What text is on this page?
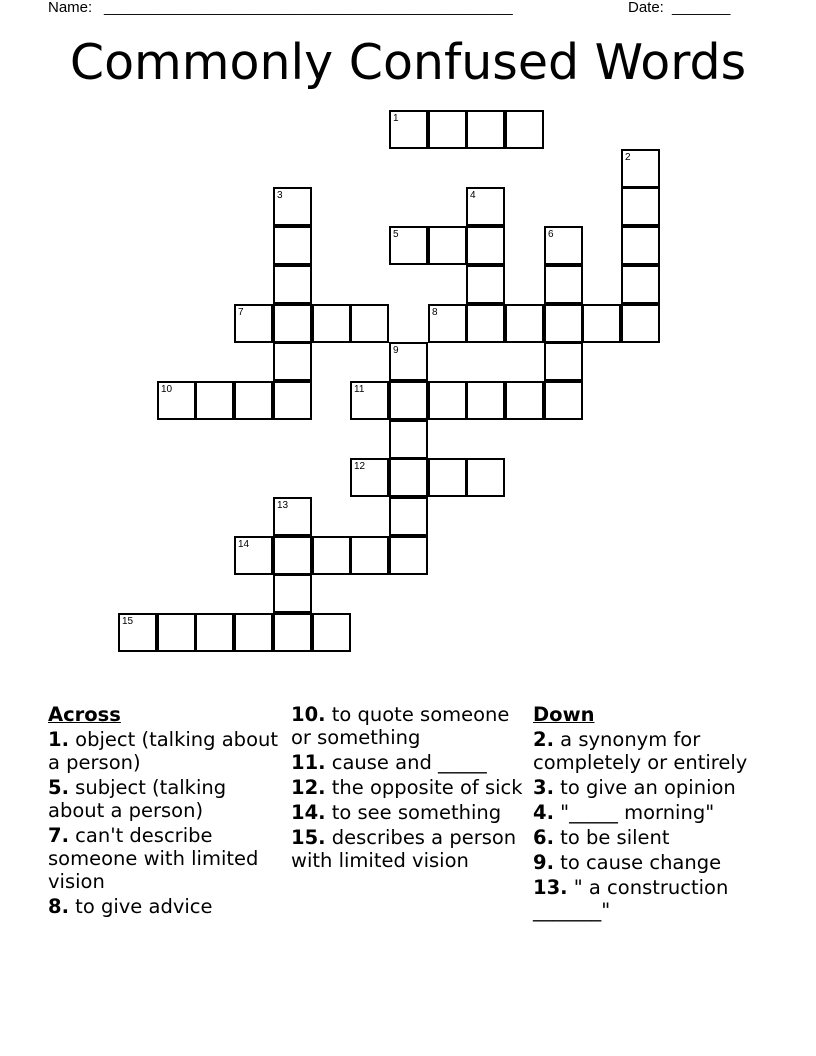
Name: _________________________________________________	Date: _______
Commonly Confused Words
1
2
3	4
5	6
7	8
9
10	11
12
13
14
15
Across
1. object (talking about a person)
5. subject (talking about a person)
7. can't describe someone with limited vision
8. to give advice
10. to quote someone or something
11. cause and _____
12. the opposite of sick
14. to see something
15. describes a person with limited vision
Down
2. a synonym for completely or entirely
3. to give an opinion
4. "_____ morning"
6. to be silent
9. to cause change
13. " a construction _______"
